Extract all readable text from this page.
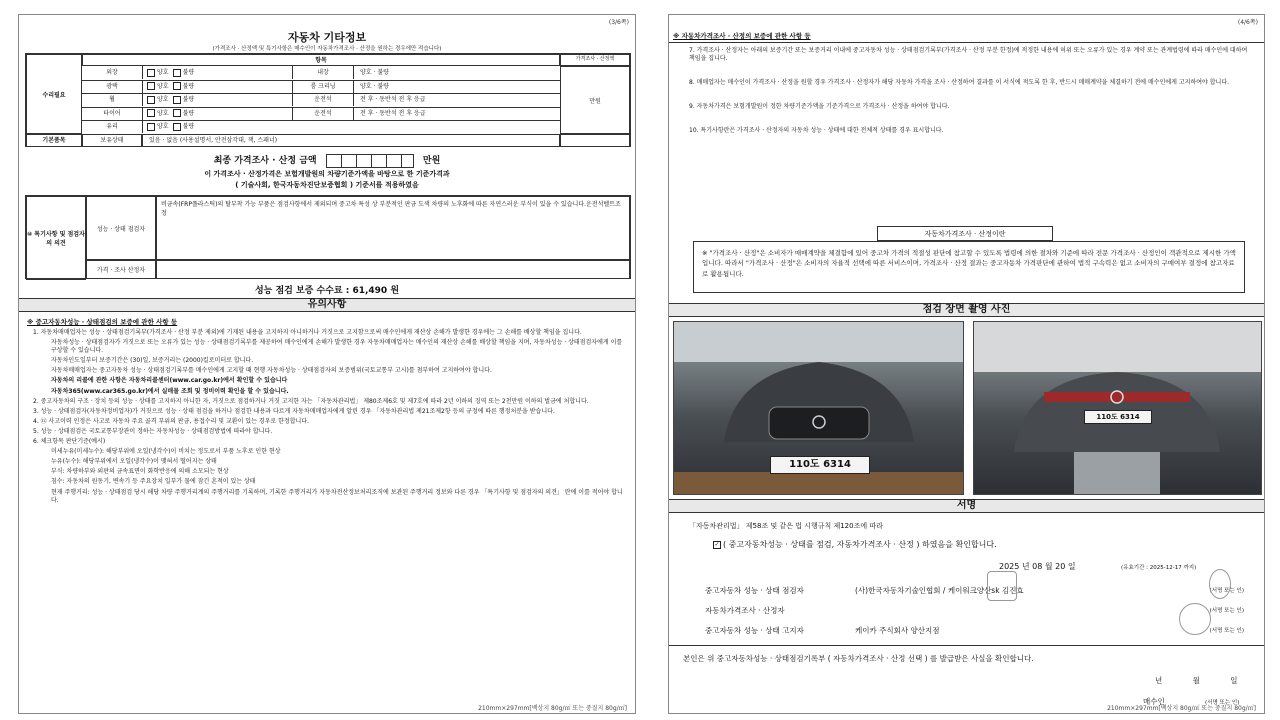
(3/6쪽)
자동차 기타정보
(가격조사 · 산정액 및 특기사항은 매수인이 자동차가격조사 · 산정을 원하는 경우에만 적습니다)
수리필요
항목	가격조사 · 산정액
외장	양호 불량	내장	양호 · 불량
광택	양호 불량	룸 크리닝	양호 · 불량
휠	양호 불량	운전석	전 후 · 동반석 전 후 응급
타이어	양호 불량	운전석	전 후 · 동반석 전 후 응급
유리	양호 불량
만원
기본품목	보유상태	있음 · 없음 (사용설명서, 안전삼각대, 잭, 스패너)
최종 가격조사 · 산정 금액	만원
이 가격조사 · 산정가격은 보험개발원의 차량기준가액을 바탕으로 한 기준가격과
( 기술사회, 한국자동차진단보증협회 ) 기준서를 적용하였음
⑩ 특기사항 및 점검자의 의견
성능 · 상태 점검자
비금속(FRP플라스틱)의 탈부착 가능 부품은 점검사항에서 제외되며 중고차 특성 상 부분적인 판금 도색 차량의 노후화에 따른 자연스러운 부식이 있을 수 있습니다.운전석벨트조정
가격 · 조사 산정자
성능 점검 보증 수수료 : 61,490 원
유의사항
※ 중고자동차성능 · 상태점검의 보증에 관한 사항 등
1. 자동차매매업자는 성능 · 상태점검기록부(가격조사 · 산정 부분 제외)에 기재된 내용을 고지하지 아니하거나 거짓으로 고지함으로써 매수인에게 재산상 손해가 발생한 경우에는 그 손해를 배상할 책임을 집니다.
자동차성능 · 상태점검자가 거짓으로 또는 오류가 있는 성능 · 상태점검기록부를 제공하여 매수인에게 손해가 발생한 경우 자동차매매업자는 매수인의 재산상 손해를 배상할 책임을 지며, 자동차성능 · 상태점검자에게 이를 구상할 수 있습니다.
자동차인도일부터 보증기간은 (30)일, 보증거리는 (2000)킬로미터로 합니다.
자동차매매업자는 중고자동차 성능 · 상태점검기록부를 매수인에게 고지할 때 현행 자동차성능 · 상태점검자의 보증범위(국토교통부 고시)를 첨부하여 고지하여야 합니다.
자동차의 리콜에 관한 사항은 자동차리콜센터(www.car.go.kr)에서 확인할 수 있습니다
자동차365(www.car365.go.kr)에서 실매물 조회 및 정비이력 확인을 할 수 있습니다.
2. 중고자동차의 구조 · 장치 등의 성능 · 상태를 고지하지 아니한 자, 거짓으로 점검하거나 거짓 고지한 자는 「자동차관리법」 제80조제6호 및 제7호에 따라 2년 이하의 징역 또는 2천만원 이하의 벌금에 처합니다.
3. 성능 · 상태점검자(자동차정비업자)가 거짓으로 성능 · 상태 점검을 하거나 점검한 내용과 다르게 자동차매매업자에게 알린 경우 「자동차관리법 제21조제2항 등의 규정에 따른 행정처분을 받습니다.
4. ⑫ 사고이력 인정은 사고로 자동차 주요 골격 부위의 판금, 용접수리 및 교환이 있는 경우로 한정합니다.
5. 성능 · 상태점검은 국토교통부장관이 정하는 자동차성능 · 상태점검방법에 따라야 합니다.
6. 체크항목 판단기준(예시)
미세누유(미세누수): 해당부위에 오일(냉각수)이 비치는 정도로서 부품 노후로 인한 현상
누유(누수): 해당부위에서 오일(냉각수)이 맺혀서 떨어지는 상태
부식: 차량하부와 외판의 금속표면이 화학반응에 의해 소모되는 현상
침수: 자동차의 원동기, 변속기 등 주요장치 일부가 물에 잠긴 흔적이 있는 상태
현재 주행거리: 성능 · 상태점검 당시 해당 차량 주행거리계의 주행거리를 기록하며, 기록한 주행거리가 자동차전산정보처리조직에 보관된 주행거리 정보와 다른 경우 「특기사항 및 점검자의 의견」 란에 이를 적어야 합니다.
210mm×297mm[백상지 80g/㎡ 또는 중질지 80g/㎡]
(4/6쪽)
※ 자동차가격조사 · 산정의 보증에 관한 사항 등
7. 가격조사 · 산정자는 아래의 보증기간 또는 보증거리 이내에 중고자동차 성능 · 상태점검기록부(가격조사 · 산정 부분 한정)에 적정한 내용에 허위 또는 오류가 있는 경우 계약 또는 관계법령에 따라 매수인에 대하여 책임을 집니다.
8. 매매업자는 매수인이 가격조사 · 산정을 원할 경우 가격조사 · 산정자가 해당 자동차 가격을 조사 · 산정하여 결과를 이 서식에 적도록 한 후, 반드시 매매계약을 체결하기 전에 매수인에게 고지하여야 합니다.
9. 자동차가격은 보험개발원이 정한 차량기준가액을 기준가격으로 가격조사 · 산정을 하여야 합니다.
10. 특기사항란은 가격조사 · 산정자의 자동차 성능 · 상태에 대한 전체적 상태를 경우 표시합니다.
자동차가격조사 · 산정이란
※ "가격조사 · 산정"은 소비자가 매매계약을 체결함에 있어 중고차 가격의 적절성 판단에 참고할 수 있도록 법령에 의한 절차와 기준에 따라 전문 가격조사 · 산정인이 객관적으로 제시한 가액입니다. 따라서 "가격조사 · 산정"은 소비자의 자율적 선택에 따른 서비스이며, 가격조사 · 산정 결과는 중고자동차 가격판단에 관하여 법적 구속력은 없고 소비자의 구매여부 결정에 참고자료로 활용됩니다.
점검 장면 촬영 사진
110도 6314
110도 6314
서명
「자동차관리법」 제58조 및 같은 법 시행규칙 제120조에 따라
✓ ( 중고자동차성능 · 상태를 점검, 자동차가격조사 · 산정 ) 하였음을 확인합니다.
2025 년 08 월 20 일	(유효기간 : 2025-12-17 까지)
중고자동차 성능 · 상태 점검자	(사)한국자동차기술인협회 / 케이워크양산sk 김진효	(서명 또는 인)
자동차가격조사 · 산정자	(서명 또는 인)
중고자동차 성능 · 상태 고지자	케이카 주식회사 양산지점	(서명 또는 인)
본인은 위 중고자동차성능 · 상태점검기록부 ( 자동차가격조사 · 산정 선택 ) 를 발급받은 사실을 확인합니다.
년 월 일
매수인	(서명 또는 인)
210mm×297mm[백상지 80g/㎡ 또는 중질지 80g/㎡]
